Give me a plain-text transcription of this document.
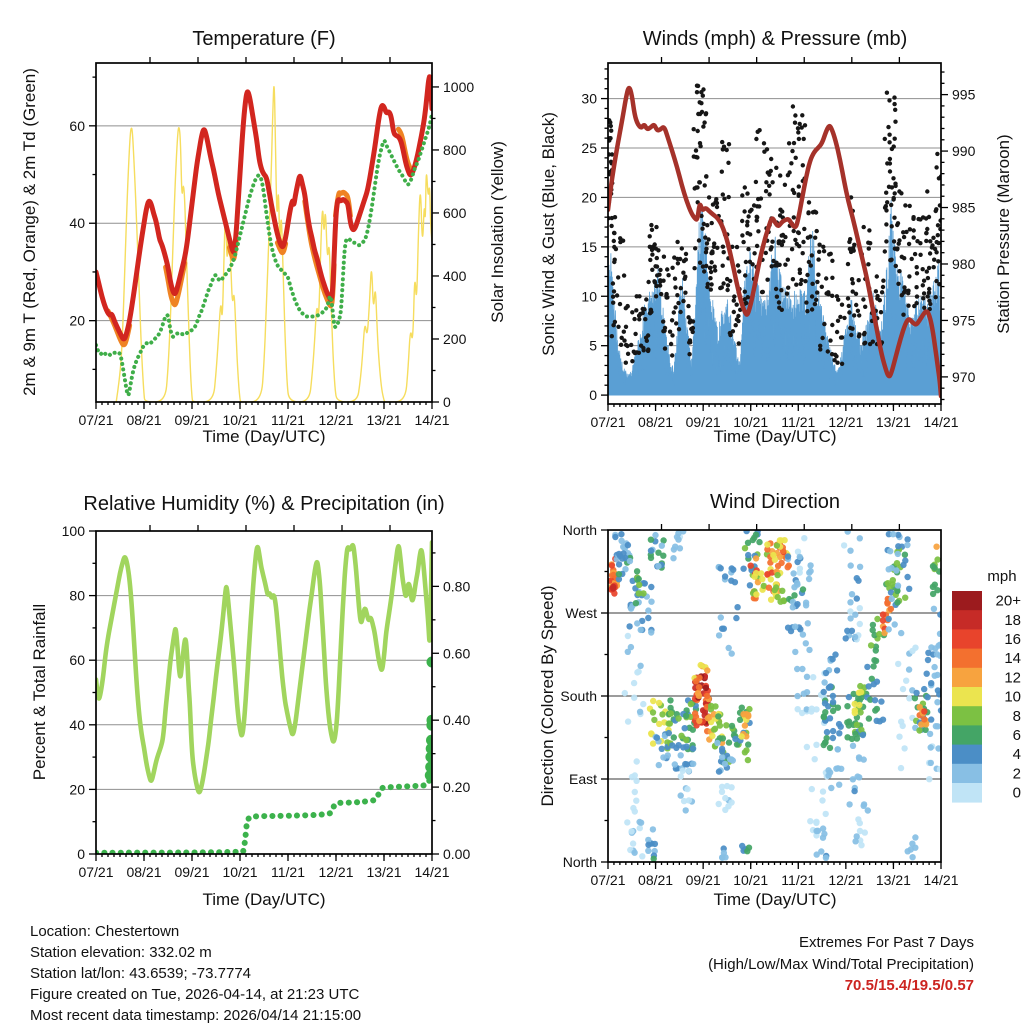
07/21 08/21 09/21 10/21 11/21 12/21 13/21 14/21
20
40
60
0
200
400
600
800
1000
07/21 08/21 09/21 10/21 11/21 12/21 13/21 14/21
0
5
10
15
20
25
30
970
975
980
985
990
995
07/21 08/21 09/21 10/21 11/21 12/21 13/21 14/21
0
20
40
60
80
100
0.00
0.20
0.40
0.60
0.80
07/21 08/21 09/21 10/21 11/21 12/21 13/21 14/21
North
East
South
West
North
20+
18
16
14
12
10
8
6
4
2
0
Temperature (F)	Winds (mph) & Pressure (mb)
Relative Humidity (%) & Precipitation (in)	Wind Direction
Time (Day/UTC)	Time (Day/UTC)
Time (Day/UTC)	Time (Day/UTC)
2m & 9m T (Red, Orange) & 2m Td (Green)	Solar Insolation (Yellow) Sonic Wind & Gust (Blue, Black)	Station Pressure (Maroon)
Percent & Total Rainfall	Direction (Colored By Speed)
mph
Location: Chestertown
Station elevation: 332.02 m
Station lat/lon: 43.6539; -73.7774
Figure created on Tue, 2026-04-14, at 21:23 UTC
Most recent data timestamp: 2026/04/14 21:15:00
Extremes For Past 7 Days
(High/Low/Max Wind/Total Precipitation)
70.5/15.4/19.5/0.57
